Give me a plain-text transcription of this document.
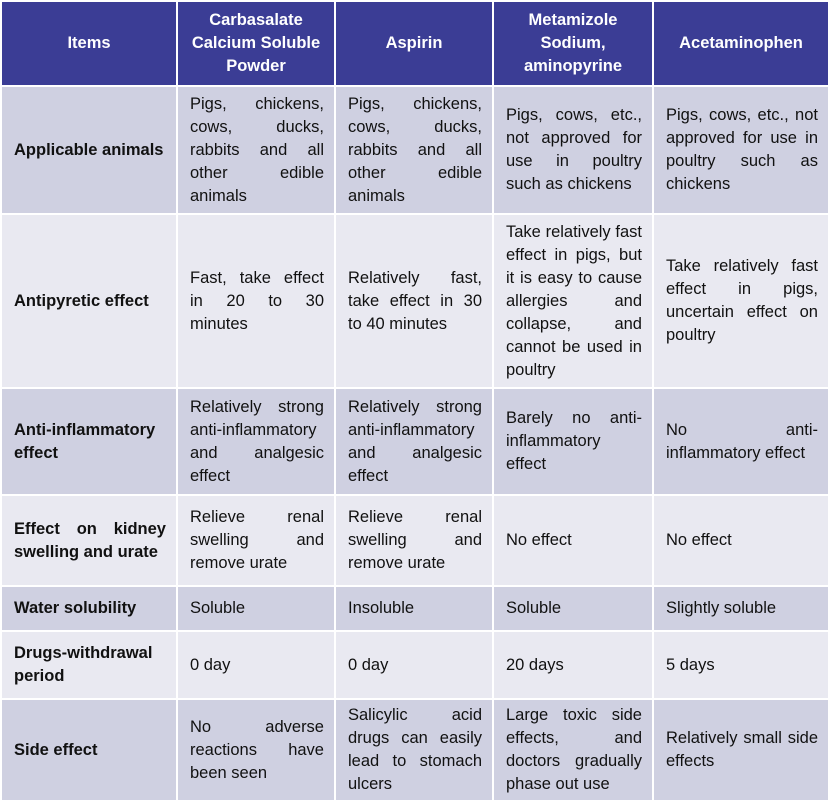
Items	Carbasalate Calcium Soluble Powder	Aspirin	Metamizole Sodium, aminopyrine	Acetaminophen
Applicable animals	Pigs, chickens, cows, ducks, rabbits and all other edible animals	Pigs, chickens, cows, ducks, rabbits and all other edible animals	Pigs, cows, etc., not approved for use in poultry such as chickens	Pigs, cows, etc., not approved for use in poultry such as chickens
Antipyretic effect	Fast, take effect in 20 to 30 minutes	Relatively fast, take effect in 30 to 40 minutes	Take relatively fast effect in pigs, but it is easy to cause allergies and collapse, and cannot be used in poultry	Take relatively fast effect in pigs, uncertain effect on poultry
Anti-inflammatory effect	Relatively strong anti-inflammatory and analgesic effect	Relatively strong anti-inflammatory and analgesic effect	Barely no anti-inflammatory effect	No anti-inflammatory effect
Effect on kidney swelling and urate	Relieve renal swelling and remove urate	Relieve renal swelling and remove urate	No effect	No effect
Water solubility	Soluble	Insoluble	Soluble	Slightly soluble
Drugs-withdrawal period	0 day	0 day	20 days	5 days
Side effect	No adverse reactions have been seen	Salicylic acid drugs can easily lead to stomach ulcers	Large toxic side effects, and doctors gradually phase out use	Relatively small side effects
